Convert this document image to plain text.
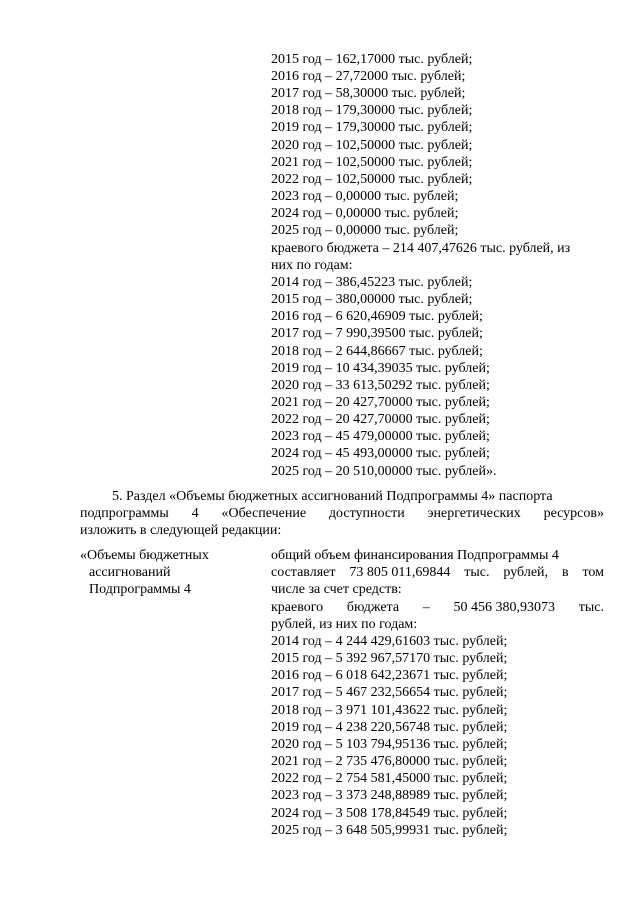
2015 год – 162,17000 тыс. рублей;
2016 год – 27,72000 тыс. рублей;
2017 год – 58,30000 тыс. рублей;
2018 год – 179,30000 тыс. рублей;
2019 год – 179,30000 тыс. рублей;
2020 год – 102,50000 тыс. рублей;
2021 год – 102,50000 тыс. рублей;
2022 год – 102,50000 тыс. рублей;
2023 год – 0,00000 тыс. рублей;
2024 год – 0,00000 тыс. рублей;
2025 год – 0,00000 тыс. рублей;
краевого бюджета – 214 407,47626 тыс. рублей, из
них по годам:
2014 год – 386,45223 тыс. рублей;
2015 год – 380,00000 тыс. рублей;
2016 год – 6 620,46909 тыс. рублей;
2017 год – 7 990,39500 тыс. рублей;
2018 год – 2 644,86667 тыс. рублей;
2019 год – 10 434,39035 тыс. рублей;
2020 год – 33 613,50292 тыс. рублей;
2021 год – 20 427,70000 тыс. рублей;
2022 год – 20 427,70000 тыс. рублей;
2023 год – 45 479,00000 тыс. рублей;
2024 год – 45 493,00000 тыс. рублей;
2025 год – 20 510,00000 тыс. рублей».
5. Раздел «Объемы бюджетных ассигнований Подпрограммы 4» паспорта
подпрограммы 4 «Обеспечение доступности энергетических ресурсов»
изложить в следующей редакции:
«Объемы бюджетных
ассигнований
Подпрограммы 4
общий объем финансирования Подпрограммы 4
составляет 73 805 011,69844 тыс. рублей, в том
числе за счет средств:
краевого бюджета – 50 456 380,93073 тыс.
рублей, из них по годам:
2014 год – 4 244 429,61603 тыс. рублей;
2015 год – 5 392 967,57170 тыс. рублей;
2016 год – 6 018 642,23671 тыс. рублей;
2017 год – 5 467 232,56654 тыс. рублей;
2018 год – 3 971 101,43622 тыс. рублей;
2019 год – 4 238 220,56748 тыс. рублей;
2020 год – 5 103 794,95136 тыс. рублей;
2021 год – 2 735 476,80000 тыс. рублей;
2022 год – 2 754 581,45000 тыс. рублей;
2023 год – 3 373 248,88989 тыс. рублей;
2024 год – 3 508 178,84549 тыс. рублей;
2025 год – 3 648 505,99931 тыс. рублей;
